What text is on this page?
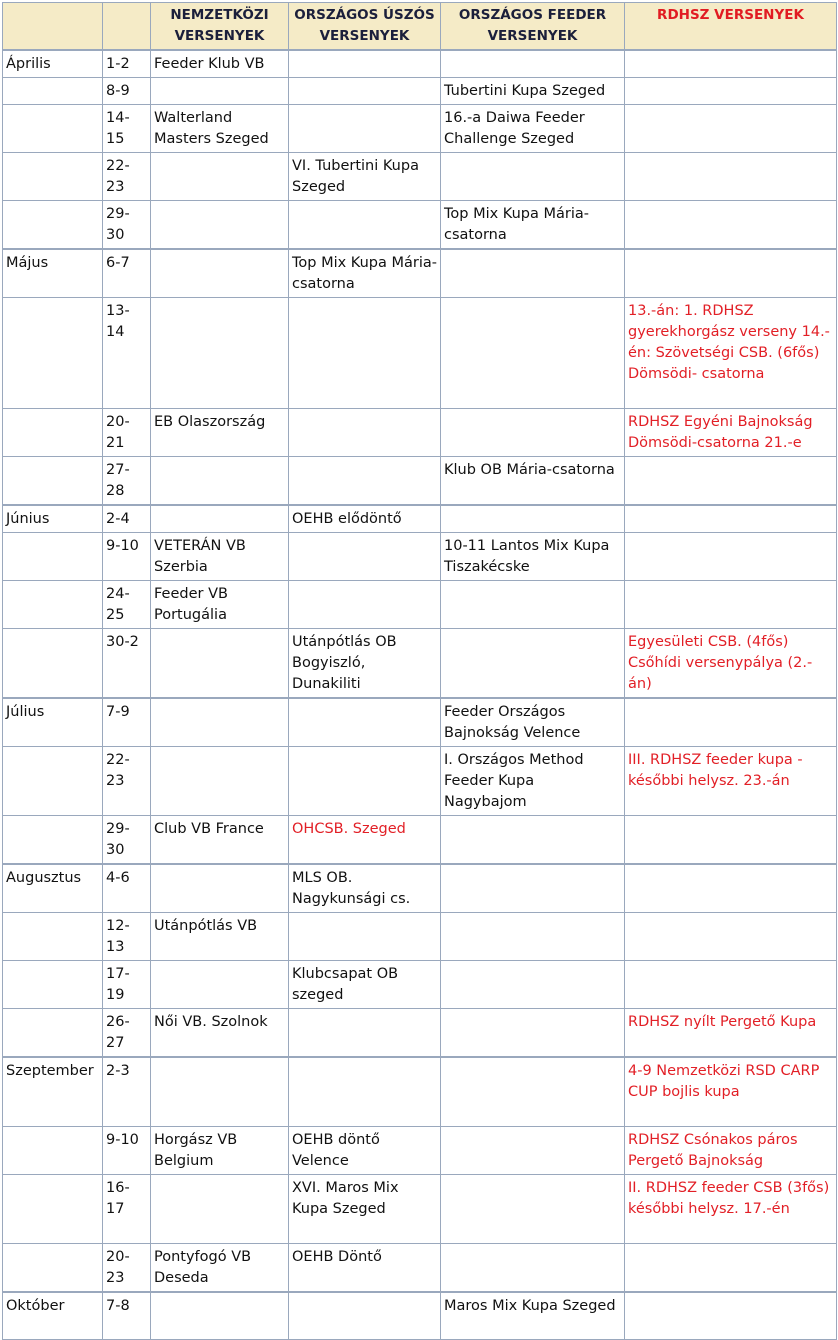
		NEMZETKÖZI VERSENYEK	ORSZÁGOS ÚSZÓS VERSENYEK	ORSZÁGOS FEEDER VERSENYEK	RDHSZ VERSENYEK
Április	1-2	Feeder Klub VB			
	8-9			Tubertini Kupa Szeged	
	14-15	Walterland Masters Szeged		16.-a Daiwa Feeder Challenge Szeged	
	22-23		VI. Tubertini Kupa Szeged		
	29-30			Top Mix Kupa Mária-csatorna	
Május	6-7		Top Mix Kupa Mária-csatorna		
	13-14				13.-án: 1. RDHSZ gyerekhorgász verseny 14.-én: Szövetségi CSB. (6fős) Dömsödi- csatorna
	20-21	EB Olaszország			RDHSZ Egyéni Bajnokság Dömsödi-csatorna 21.-e
	27-28			Klub OB Mária-csatorna	
Június	2-4		OEHB elődöntő		
	9-10	VETERÁN VB Szerbia		10-11 Lantos Mix Kupa Tiszakécske	
	24-25	Feeder VB Portugália			
	30-2		Utánpótlás OB Bogyiszló, Dunakiliti		Egyesületi CSB. (4fős) Csőhídi versenypálya (2.-án)
Július	7-9			Feeder Országos Bajnokság Velence	
	22-23			I. Országos Method Feeder Kupa Nagybajom	III. RDHSZ feeder kupa - későbbi helysz. 23.-án
	29-30	Club VB France	OHCSB. Szeged		
Augusztus	4-6		MLS OB. Nagykunsági cs.		
	12-13	Utánpótlás VB			
	17-19		Klubcsapat OB szeged		
	26-27	Női VB. Szolnok			RDHSZ nyílt Pergető Kupa
Szeptember	2-3				4-9 Nemzetközi RSD CARP CUP bojlis kupa
	9-10	Horgász VB Belgium	OEHB döntő Velence		RDHSZ Csónakos páros Pergető Bajnokság
	16-17		XVI. Maros Mix Kupa Szeged		II. RDHSZ feeder CSB (3fős) későbbi helysz. 17.-én
	20-23	Pontyfogó VB Deseda	OEHB Döntő		
Október	7-8			Maros Mix Kupa Szeged	
